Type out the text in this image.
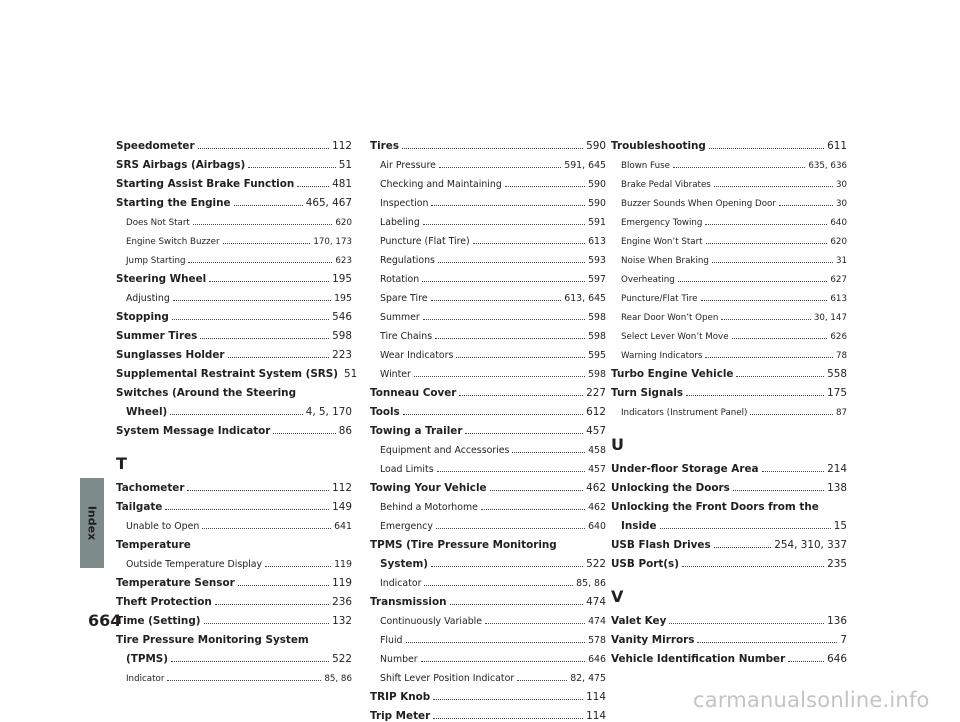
Index
664
carmanualsonline.info
Speedometer	112
SRS Airbags (Airbags)	51
Starting Assist Brake Function	481
Starting the Engine	465, 467
Does Not Start	620
Engine Switch Buzzer	170, 173
Jump Starting	623
Steering Wheel	195
Adjusting	195
Stopping	546
Summer Tires	598
Sunglasses Holder	223
Supplemental Restraint System (SRS) 51
Switches (Around the Steering
Wheel)	4, 5, 170
System Message Indicator	86
T
Tachometer	112
Tailgate	149
Unable to Open	641
Temperature
Outside Temperature Display	119
Temperature Sensor	119
Theft Protection	236
Time (Setting)	132
Tire Pressure Monitoring System
(TPMS)	522
Indicator	85, 86
Tires	590
Air Pressure	591, 645
Checking and Maintaining	590
Inspection	590
Labeling	591
Puncture (Flat Tire)	613
Regulations	593
Rotation	597
Spare Tire	613, 645
Summer	598
Tire Chains	598
Wear Indicators	595
Winter	598
Tonneau Cover	227
Tools	612
Towing a Trailer	457
Equipment and Accessories	458
Load Limits	457
Towing Your Vehicle	462
Behind a Motorhome	462
Emergency	640
TPMS (Tire Pressure Monitoring
System)	522
Indicator	85, 86
Transmission	474
Continuously Variable	474
Fluid	578
Number	646
Shift Lever Position Indicator	82, 475
TRIP Knob	114
Trip Meter	114
Troubleshooting	611
Blown Fuse	635, 636
Brake Pedal Vibrates	30
Buzzer Sounds When Opening Door	30
Emergency Towing	640
Engine Won’t Start	620
Noise When Braking	31
Overheating	627
Puncture/Flat Tire	613
Rear Door Won’t Open	30, 147
Select Lever Won’t Move	626
Warning Indicators	78
Turbo Engine Vehicle	558
Turn Signals	175
Indicators (Instrument Panel)	87
U
Under-floor Storage Area	214
Unlocking the Doors	138
Unlocking the Front Doors from the
Inside	15
USB Flash Drives	254, 310, 337
USB Port(s)	235
V
Valet Key	136
Vanity Mirrors	7
Vehicle Identification Number	646
